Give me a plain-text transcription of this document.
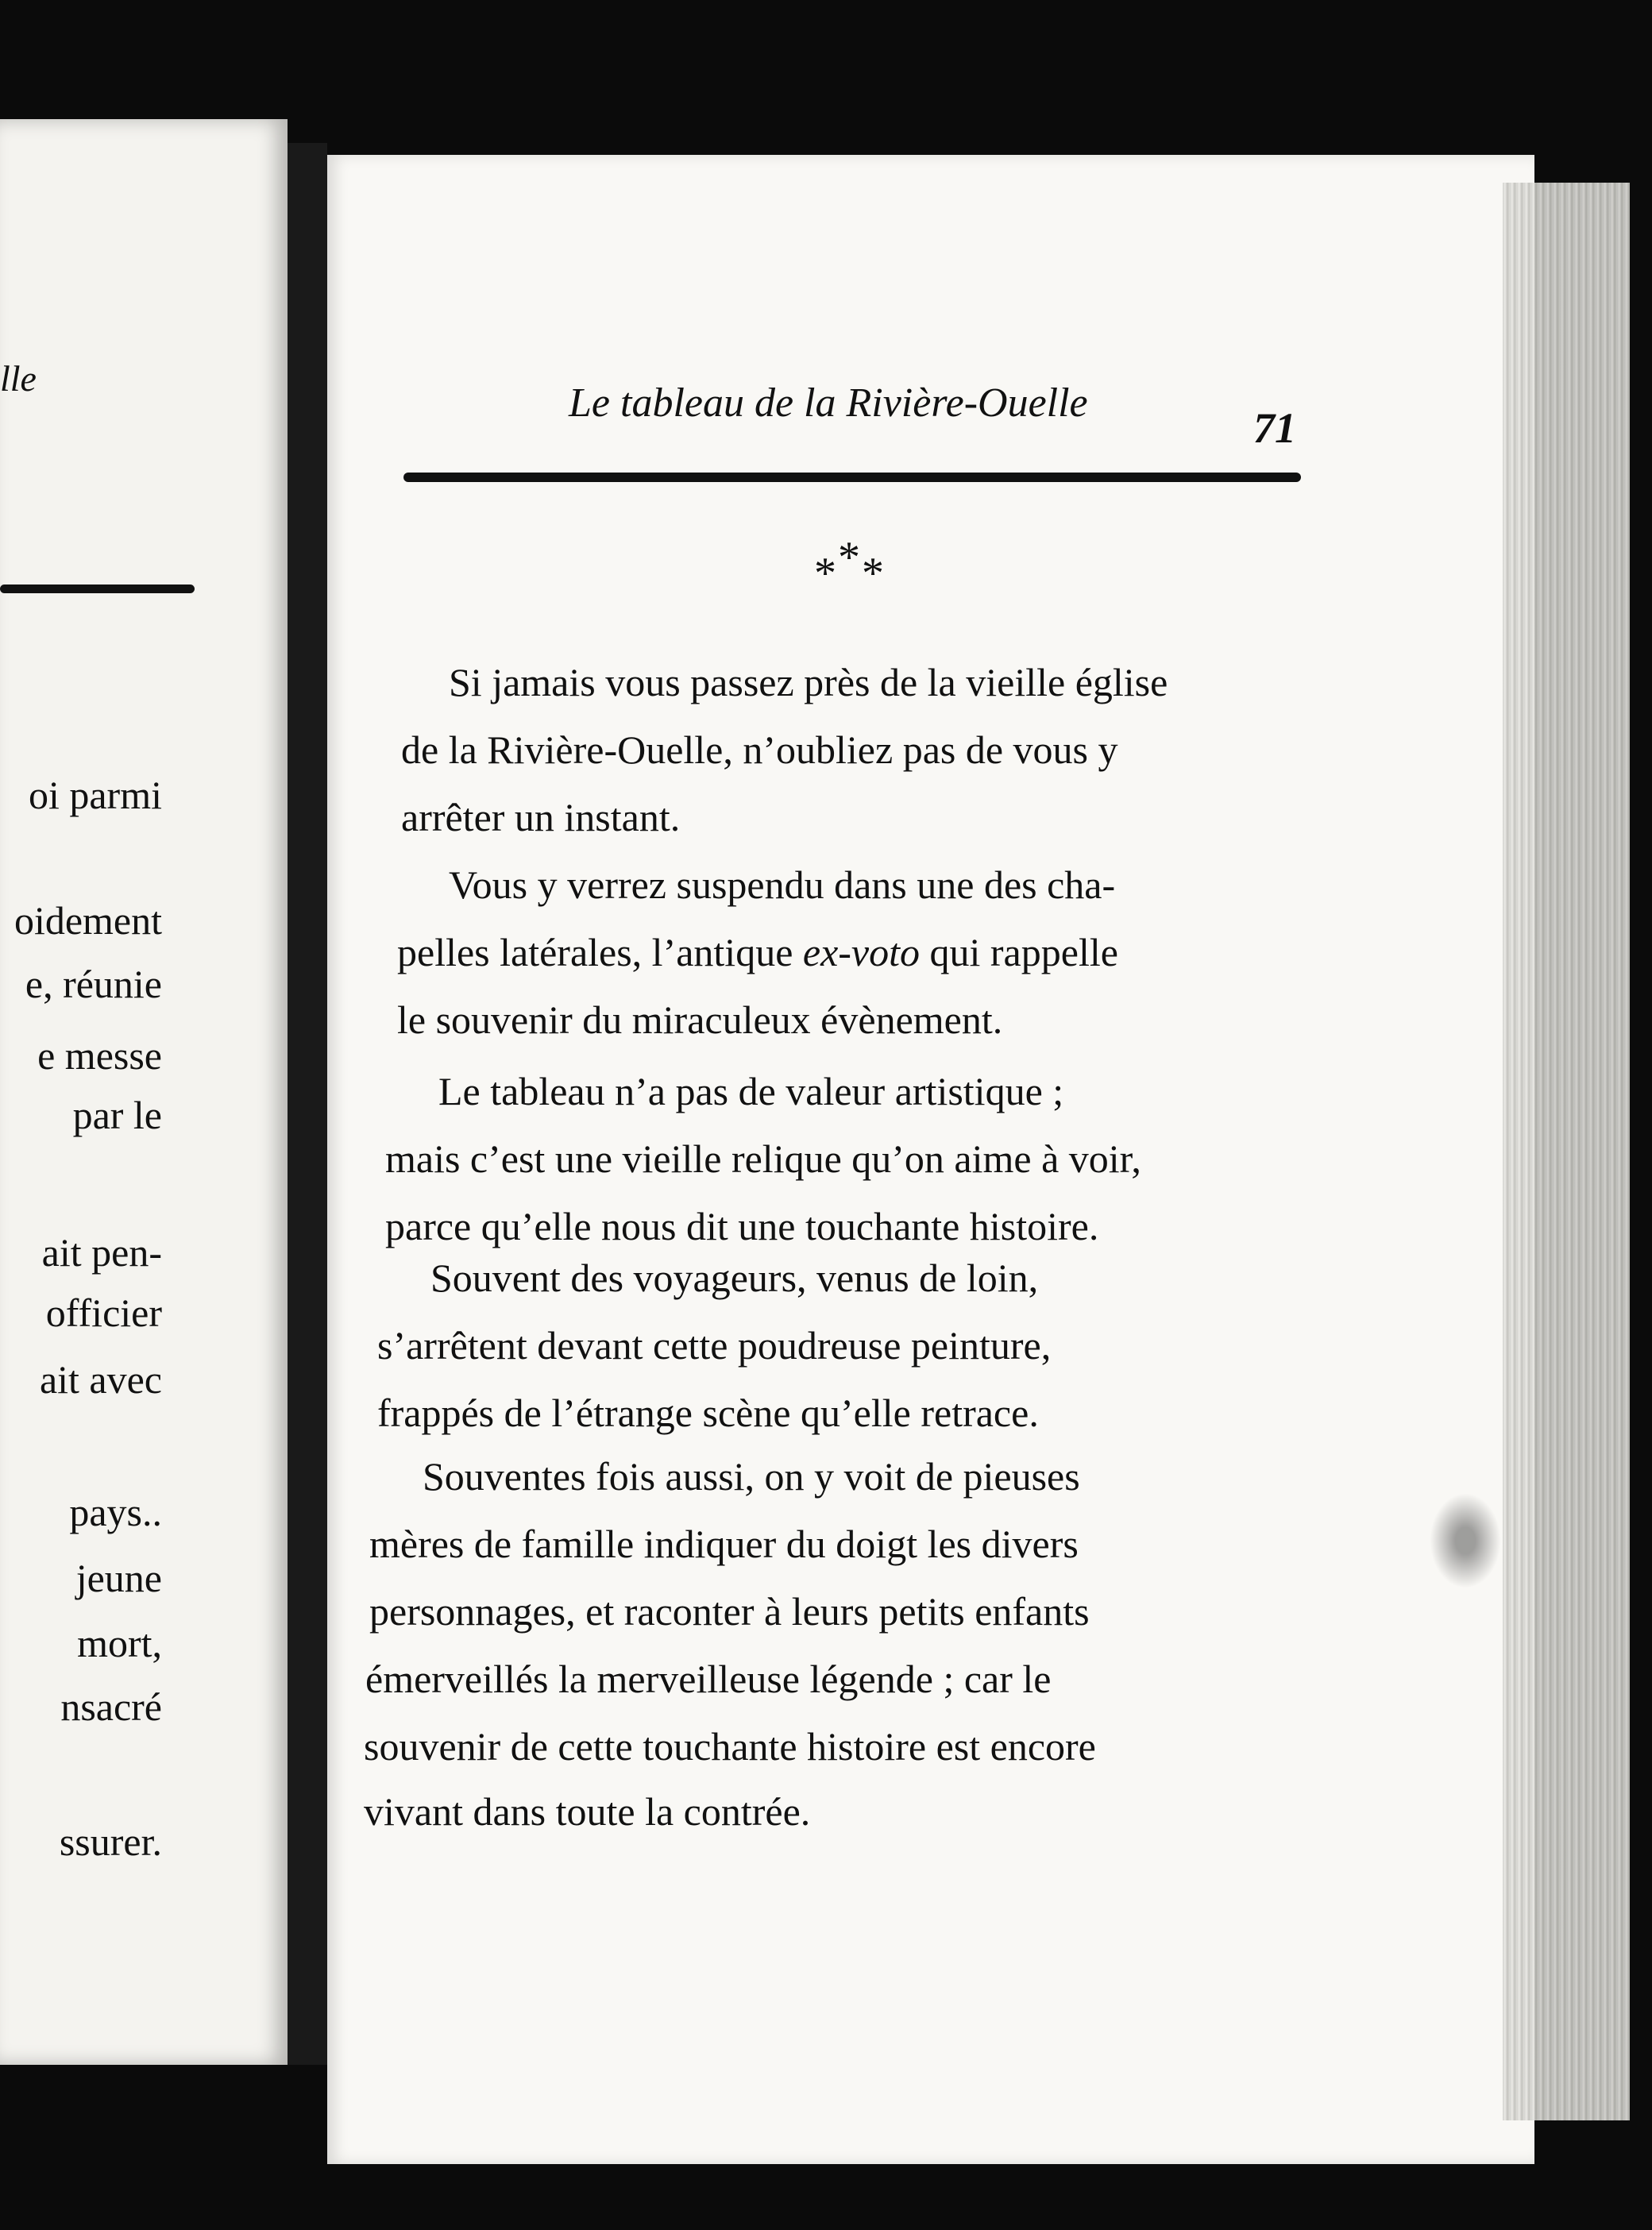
lle
oi parmi
oidement
e, réunie
e messe
par le
ait pen-
officier
ait avec
pays..
jeune
mort,
nsacré
ssurer.
Le tableau de la Rivière-Ouelle
71
***
Si jamais vous passez près de la vieille église
de la Rivière-Ouelle, n’oubliez pas de vous y
arrêter un instant.
Vous y verrez suspendu dans une des cha-
pelles latérales, l’antique ex-voto qui rappelle
le souvenir du miraculeux évènement.
Le tableau n’a pas de valeur artistique ;
mais c’est une vieille relique qu’on aime à voir,
parce qu’elle nous dit une touchante histoire.
Souvent des voyageurs, venus de loin,
s’arrêtent devant cette poudreuse peinture,
frappés de l’étrange scène qu’elle retrace.
Souventes fois aussi, on y voit de pieuses
mères de famille indiquer du doigt les divers
personnages, et raconter à leurs petits enfants
émerveillés la merveilleuse légende ; car le
souvenir de cette touchante histoire est encore
vivant dans toute la contrée.
